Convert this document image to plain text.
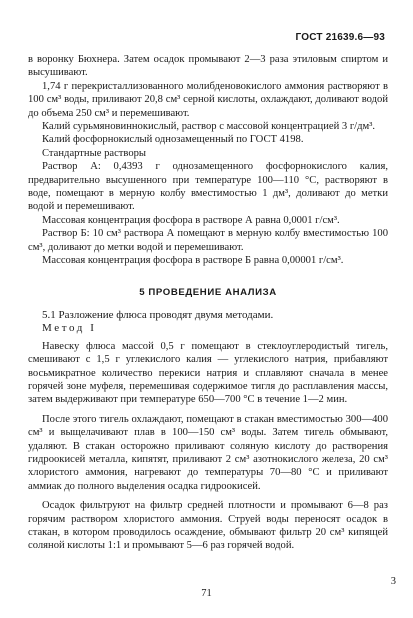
ГОСТ 21639.6—93

в воронку Бюхнера. Затем осадок промывают 2—3 раза этиловым спиртом и высушивают.

1,74 г перекристаллизованного молибденовокислого аммония растворяют в 100 см³ воды, приливают 20,8 см³ серной кислоты, охлаждают, доливают водой до объема 250 см³ и перемешивают.

Калий сурьмяновиннокислый, раствор с массовой концентрацией 3 г/дм³.

Калий фосфорнокислый однозамещенный по ГОСТ 4198.

Стандартные растворы

Раствор А: 0,4393 г однозамещенного фосфорнокислого калия, предварительно высушенного при температуре 100—110 °С, растворяют в воде, помещают в мерную колбу вместимостью 1 дм³, доливают до метки водой и перемешивают.

Массовая концентрация фосфора в растворе А равна 0,0001 г/см³.

Раствор Б: 10 см³ раствора А помещают в мерную колбу вместимостью 100 см³, доливают до метки водой и перемешивают.

Массовая концентрация фосфора в растворе Б равна 0,00001 г/см³.

5 ПРОВЕДЕНИЕ АНАЛИЗА

5.1 Разложение флюса проводят двумя методами.

Метод I

Навеску флюса массой 0,5 г помещают в стеклоуглеродистый тигель, смешивают с 1,5 г углекислого калия — углекислого натрия, прибавляют восьмикратное количество перекиси натрия и сплавляют сначала в менее горячей зоне муфеля, перемешивая содержимое тигля до расплавления массы, затем выдерживают при температуре 650—700 °С в течение 1—2 мин.

После этого тигель охлаждают, помещают в стакан вместимостью 300—400 см³ и выщелачивают плав в 100—150 см³ воды. Затем тигель обмывают, удаляют. В стакан осторожно приливают соляную кислоту до растворения гидроокисей металла, кипятят, приливают 2 см³ азотнокислого железа, 20 см³ хлористого аммония, нагревают до температуры 70—80 °С и приливают аммиак до полного выделения осадка гидроокисей.

Осадок фильтруют на фильтр средней плотности и промывают 6—8 раз горячим раствором хлористого аммония. Струей воды переносят осадок в стакан, в котором проводилось осаждение, обмывают фильтр 20 см³ кипящей соляной кислоты 1:1 и промывают 5—6 раз горячей водой.

71
3
